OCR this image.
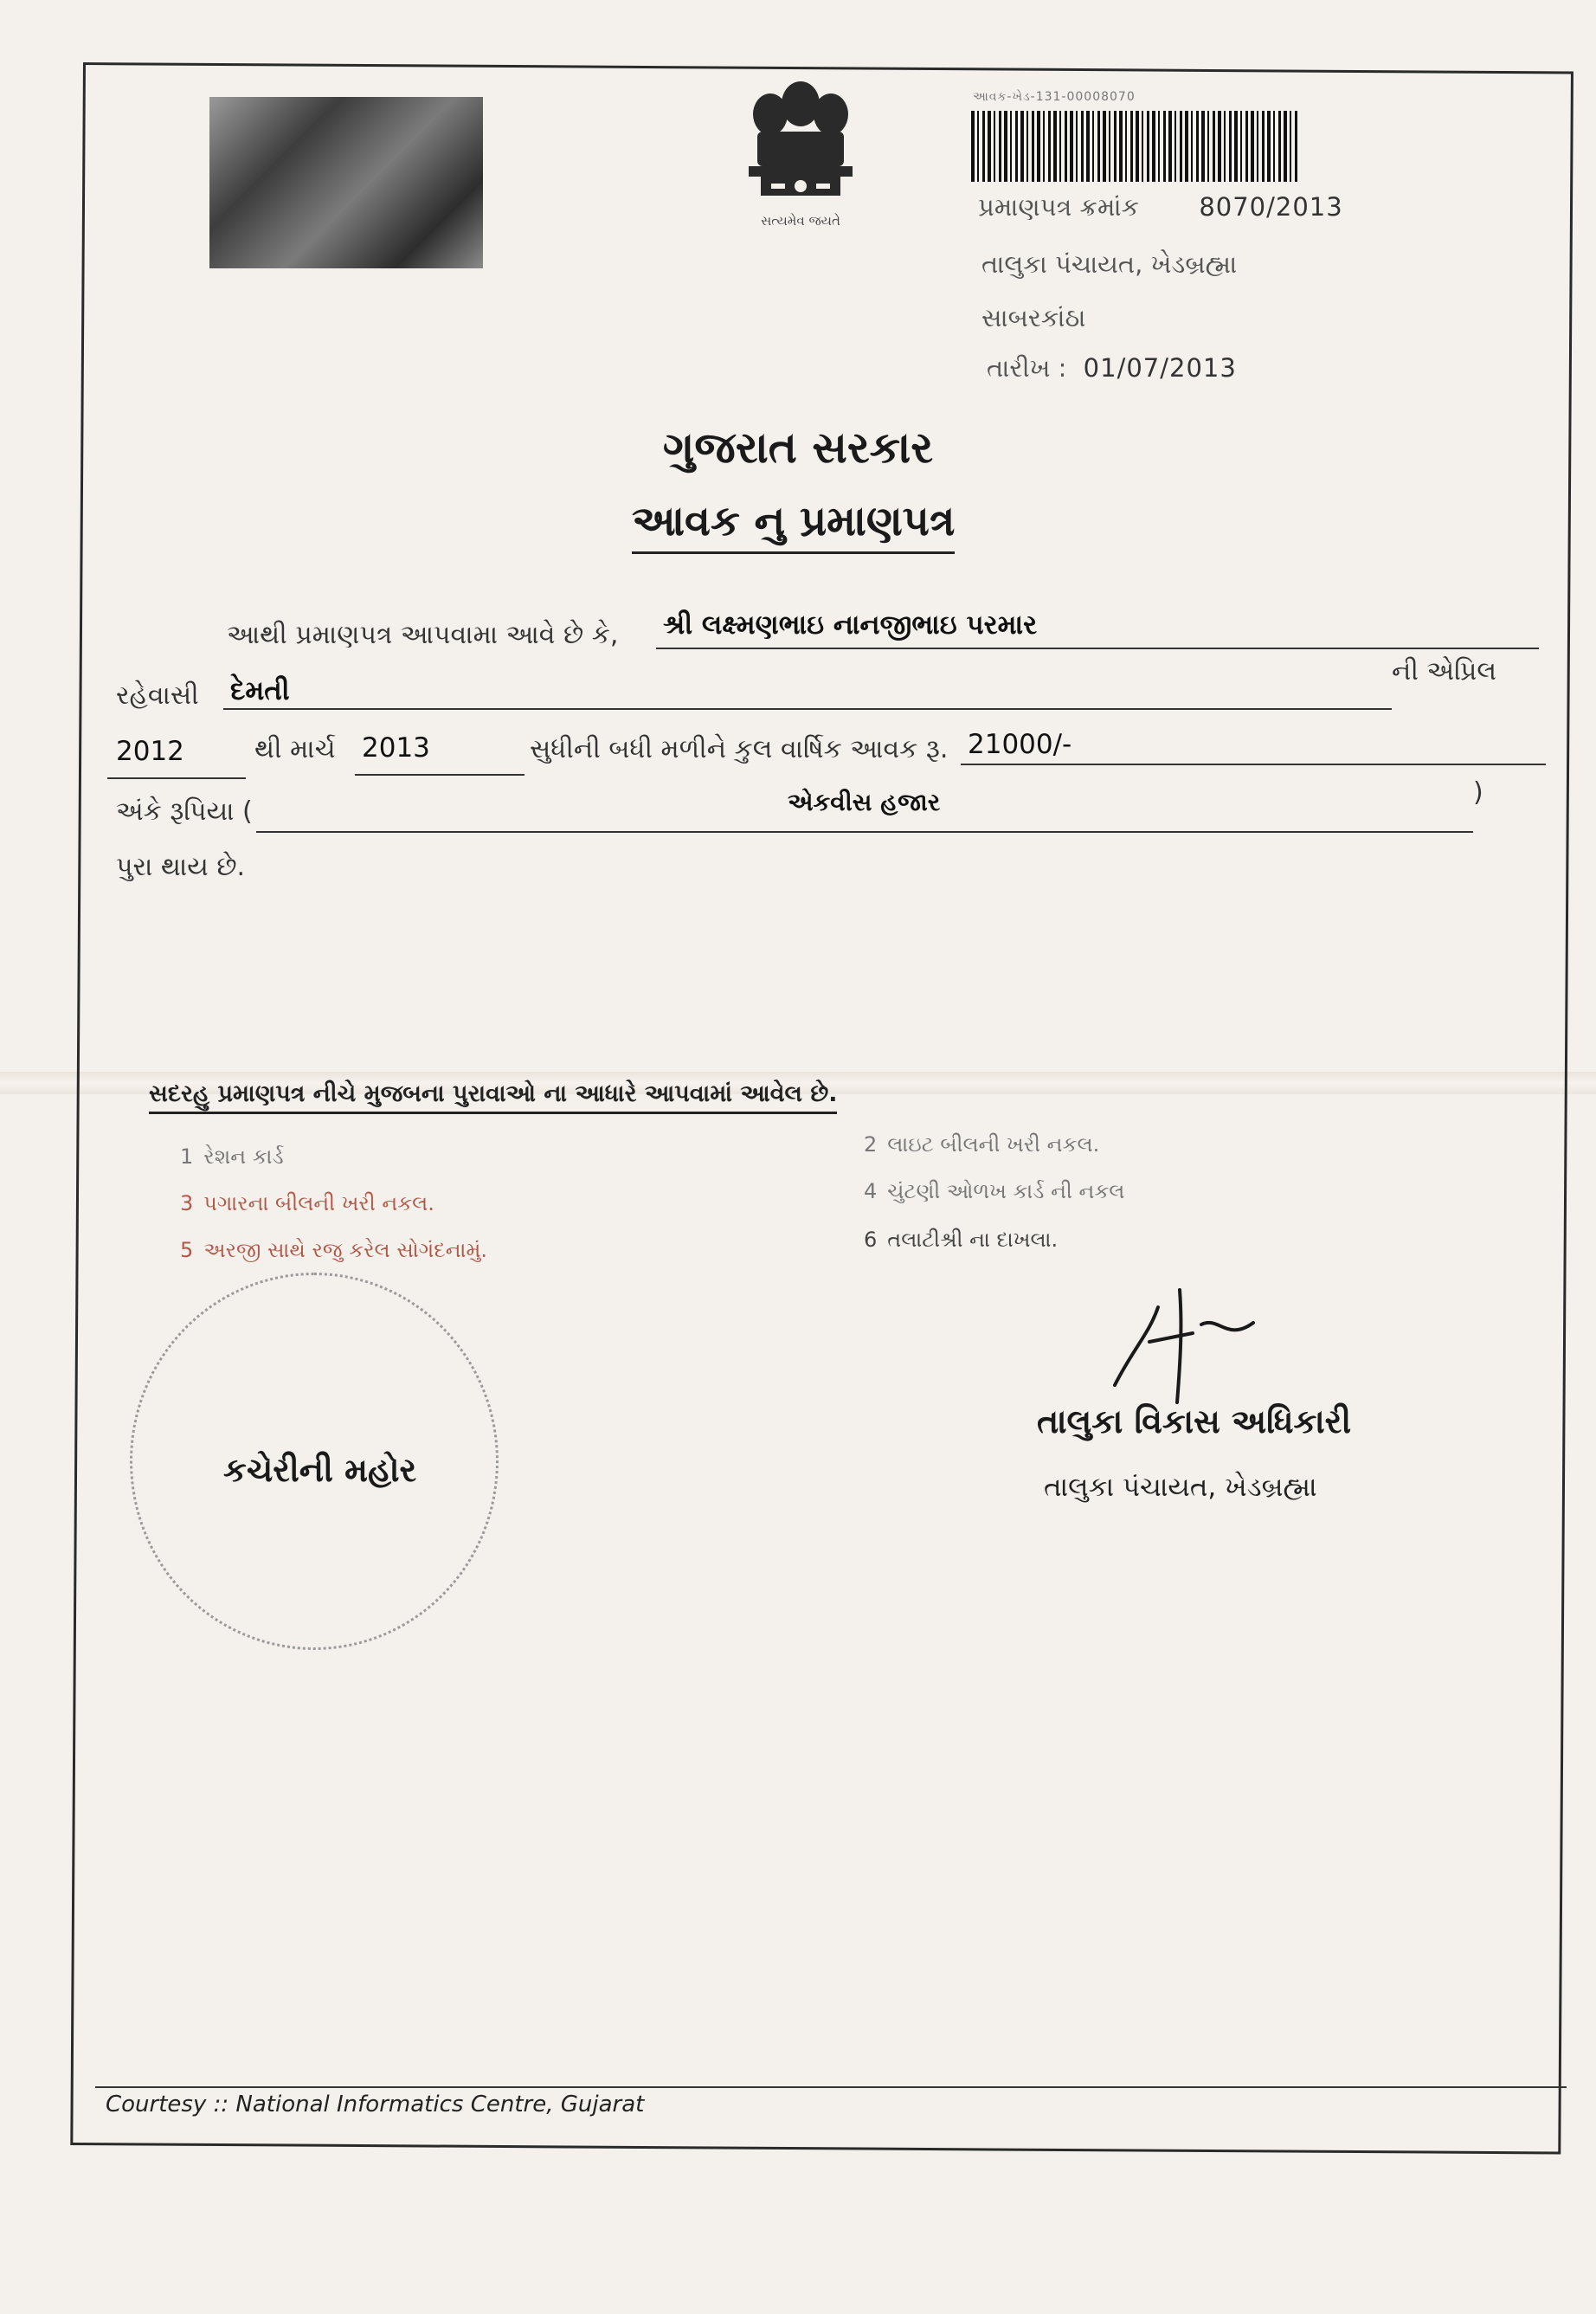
સત્યમેવ જયતે
આવક-ખેડ-131-00008070
પ્રમાણપત્ર ક્રમાંક 8070/2013
તાલુકા પંચાયત, ખેડબ્રહ્મા
સાબરકાંઠા
તારીખ : 01/07/2013
ગુજરાત સરકાર
આવક નુ પ્રમાણપત્ર
આથી પ્રમાણપત્ર આપવામા આવે છે કે, શ્રી લક્ષ્મણભાઇ નાનજીભાઇ પરમાર
રહેવાસી દેમતી
ની એપ્રિલ
2012	થી માર્ચ 2013	સુધીની બધી મળીને કુલ વાર્ષિક આવક રૂ. 21000/-
અંકે રૂપિયા (	એકવીસ હજાર	)
પુરા થાય છે.
સદરહુ પ્રમાણપત્ર નીચે મુજબના પુરાવાઓ ના આધારે આપવામાં આવેલ છે.
1 રેશન કાર્ડ	2 લાઇટ બીલની ખરી નકલ.
3 પગારના બીલની ખરી નકલ.	4 ચુંટણી ઓળખ કાર્ડ ની નકલ
5 અરજી સાથે રજુ કરેલ સોગંદનામું.	6 તલાટીશ્રી ના દાખલા.
કચેરીની મહોર
તાલુકા વિકાસ અધિકારી
તાલુકા પંચાયત, ખેડબ્રહ્મા
Courtesy :: National Informatics Centre, Gujarat
